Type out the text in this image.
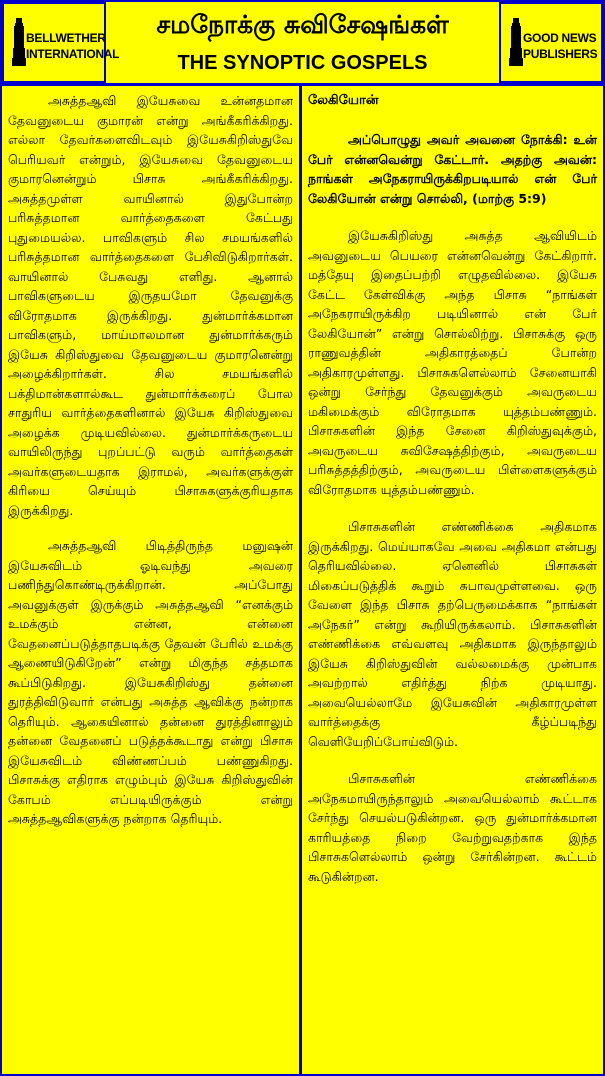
BELLWETHER
INTERNATIONAL
சமநோக்கு சுவிசேஷங்கள்
THE SYNOPTIC GOSPELS
GOOD NEWS
PUBLISHERS

அசுத்தஆவி இயேசுவை உன்னதமான தேவனுடைய குமாரன் என்று அங்கீகரிக்கிறது. எல்லா தேவர்களைவிடவும் இயேசுகிறிஸ்துவே பெரியவர் என்றும், இயேசுவை தேவனுடைய குமாரனென்றும் பிசாசு அங்கீகரிக்கிறது. அசுத்தமுள்ள வாயினால் இதுபோன்ற பரிசுத்தமான வார்த்தைகளை கேட்பது புதுமையல்ல. பாவிகளும் சில சமயங்களில் பரிசுத்தமான வார்த்தைகளை பேசிவிடுகிறார்கள். வாயினால் பேசுவது எளிது. ஆனால் பாவிகளுடைய இருதயமோ தேவனுக்கு விரோதமாக இருக்கிறது. துன்மார்க்கமான பாவிகளும், மாய்மாலமான துன்மார்க்கரும் இயேசு கிறிஸ்துவை தேவனுடைய குமாரனென்று அழைக்கிறார்கள். சில சமயங்களில் பக்திமான்களால்கூட துன்மார்க்கரைப் போல சாதுரிய வார்த்தைகளினால் இயேசு கிறிஸ்துவை அழைக்க முடியவில்லை. துன்மார்க்கருடைய வாயிலிருந்து புறப்பட்டு வரும் வார்த்தைகள் அவர்களுடையதாக இராமல், அவர்களுக்குள் கிரியை செய்யும் பிசாசுகளுக்குரியதாக இருக்கிறது.

அசுத்தஆவி பிடித்திருந்த மனுஷன் இயேசுவிடம் ஓடிவந்து அவரை பணிந்துகொண்டிருக்கிறான். அப்போது அவனுக்குள் இருக்கும் அசுத்தஆவி “எனக்கும் உமக்கும் என்ன, என்னை வேதனைப்படுத்தாதபடிக்கு தேவன் பேரில் உமக்கு ஆணையிடுகிறேன்” என்று மிகுந்த சத்தமாக கூப்பிடுகிறது. இயேசுகிறிஸ்து தன்னை துரத்திவிடுவார் என்பது அசுத்த ஆவிக்கு நன்றாக தெரியும். ஆகையினால் தன்னை துரத்தினாலும் தன்னை வேதனைப் படுத்தக்கூடாது என்று பிசாசு இயேசுவிடம் விண்ணப்பம் பண்ணுகிறது. பிசாசுக்கு எதிராக எழும்பும் இயேசு கிறிஸ்துவின் கோபம் எப்படியிருக்கும் என்று அசுத்தஆவிகளுக்கு நன்றாக தெரியும்.

லேகியோன்

அப்பொழுது அவர் அவனை நோக்கி: உன் பேர் என்னவென்று கேட்டார். அதற்கு அவன்: நாங்கள் அநேகராயிருக்கிறபடியால் என் பேர் லேகியோன் என்று சொல்லி, (மாற்கு 5:9)

இயேசுகிறிஸ்து அசுத்த ஆவியிடம் அவனுடைய பெயரை என்னவென்று கேட்கிறார். மத்தேயு இதைப்பற்றி எழுதவில்லை. இயேசு கேட்ட கேள்விக்கு அந்த பிசாசு “நாங்கள் அநேகராயிருக்கிற படியினால் என் பேர் லேகியோன்” என்று சொல்லிற்று. பிசாசுக்கு ஒரு ராணுவத்தின் அதிகாரத்தைப் போன்ற அதிகாரமுள்ளது. பிசாசுகளெல்லாம் சேனையாகி ஒன்று சேர்ந்து தேவனுக்கும் அவருடைய மகிமைக்கும் விரோதமாக யுத்தம்பண்ணும். பிசாசுகளின் இந்த சேனை கிறிஸ்துவுக்கும், அவருடைய சுவிசேஷத்திற்கும், அவருடைய பரிசுத்தத்திற்கும், அவருடைய பிள்ளைகளுக்கும் விரோதமாக யுத்தம்பண்ணும்.

பிசாசுகளின் எண்ணிக்கை அதிகமாக இருக்கிறது. மெய்யாகவே அவை அதிகமா என்பது தெரியவில்லை. ஏனெனில் பிசாசுகள் மிகைப்படுத்திக் கூறும் சுபாவமுள்ளவை. ஒரு வேளை இந்த பிசாசு தற்பெருமைக்காக “நாங்கள் அநேகர்” என்று கூறியிருக்கலாம். பிசாசுகளின் எண்ணிக்கை எவ்வளவு அதிகமாக இருந்தாலும் இயேசு கிறிஸ்துவின் வல்லமைக்கு முன்பாக அவற்றால் எதிர்த்து நிற்க முடியாது. அவையெல்லாமே இயேசுவின் அதிகாரமுள்ள வார்த்தைக்கு கீழ்ப்படிந்து வெளியேறிப்போய்விடும்.

பிசாசுகளின் எண்ணிக்கை அநேகமாயிருந்தாலும் அவையெல்லாம் கூட்டாக சேர்ந்து செயல்படுகின்றன. ஒரு துன்மார்க்கமான காரியத்தை நிறை வேற்றுவதற்காக இந்த பிசாசுகளெல்லாம் ஒன்று சேர்கின்றன. கூட்டம் கூடுகின்றன.
